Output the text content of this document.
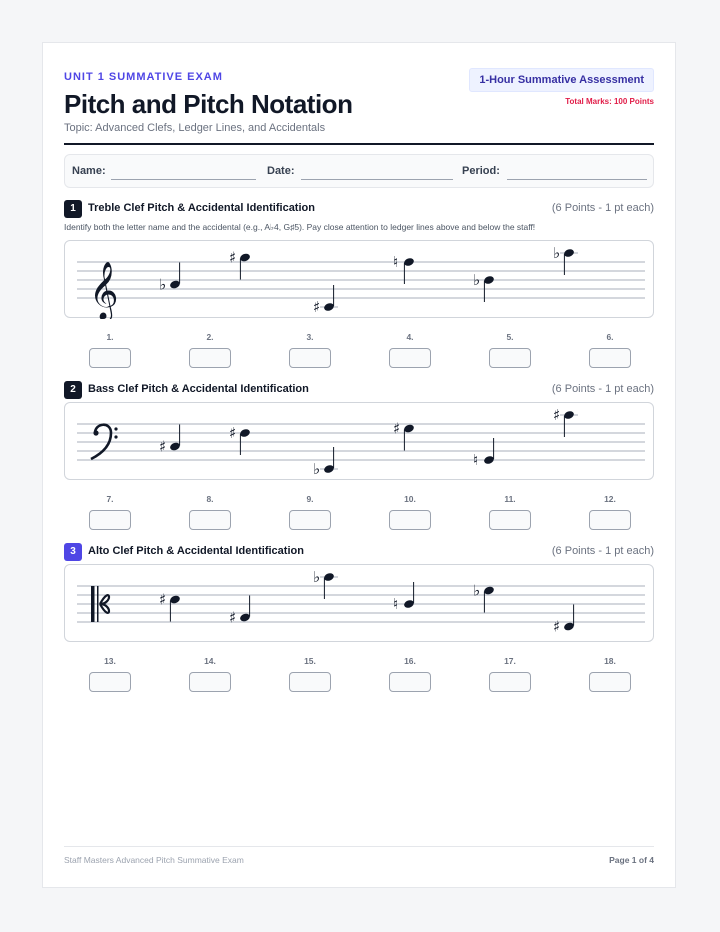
UNIT 1 SUMMATIVE EXAM
Pitch and Pitch Notation
Topic: Advanced Clefs, Ledger Lines, and Accidentals
1-Hour Summative Assessment
Total Marks: 100 Points
Name:	Date:	Period:
1	Treble Clef Pitch & Accidental Identification	(6 Points - 1 pt each)
Identify both the letter name and the accidental (e.g., A♭4, G♯5). Pay close attention to ledger lines above and below the staff!
𝄞	♭
♯
♯
♮
♭
♭
1.	2.	3.	4.	5.	6.
2	Bass Clef Pitch & Accidental Identification	(6 Points - 1 pt each)
♯
♯
♭
♯
♮
♯
7.	8.	9.	10.	11.	12.
3	Alto Clef Pitch & Accidental Identification	(6 Points - 1 pt each)
♯
♯
♭
♮
♭
♯
13.	14.	15.	16.	17.	18.
Staff Masters Advanced Pitch Summative Exam	Page 1 of 4
